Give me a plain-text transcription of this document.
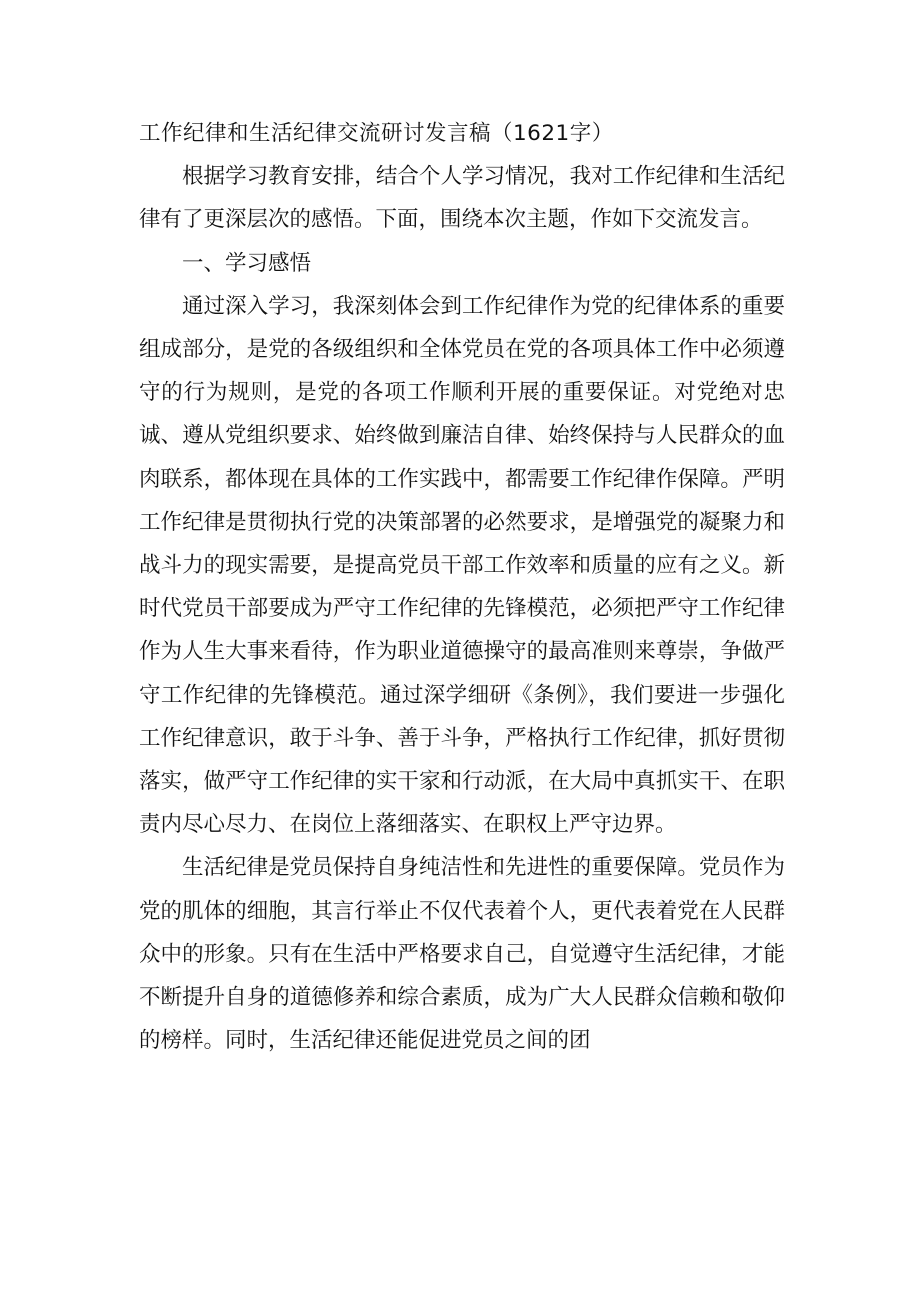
工作纪律和生活纪律交流研讨发言稿（1621字）

根据学习教育安排，结合个人学习情况，我对工作纪律和生活纪律有了更深层次的感悟。下面，围绕本次主题，作如下交流发言。

一、学习感悟

通过深入学习，我深刻体会到工作纪律作为党的纪律体系的重要组成部分，是党的各级组织和全体党员在党的各项具体工作中必须遵守的行为规则，是党的各项工作顺利开展的重要保证。对党绝对忠诚、遵从党组织要求、始终做到廉洁自律、始终保持与人民群众的血肉联系，都体现在具体的工作实践中，都需要工作纪律作保障。严明工作纪律是贯彻执行党的决策部署的必然要求，是增强党的凝聚力和战斗力的现实需要，是提高党员干部工作效率和质量的应有之义。新时代党员干部要成为严守工作纪律的先锋模范，必须把严守工作纪律作为人生大事来看待，作为职业道德操守的最高准则来尊崇，争做严守工作纪律的先锋模范。通过深学细研《条例》，我们要进一步强化工作纪律意识，敢于斗争、善于斗争，严格执行工作纪律，抓好贯彻落实，做严守工作纪律的实干家和行动派，在大局中真抓实干、在职责内尽心尽力、在岗位上落细落实、在职权上严守边界。

生活纪律是党员保持自身纯洁性和先进性的重要保障。党员作为党的肌体的细胞，其言行举止不仅代表着个人，更代表着党在人民群众中的形象。只有在生活中严格要求自己，自觉遵守生活纪律，才能不断提升自身的道德修养和综合素质，成为广大人民群众信赖和敬仰的榜样。同时，生活纪律还能促进党员之间的团
